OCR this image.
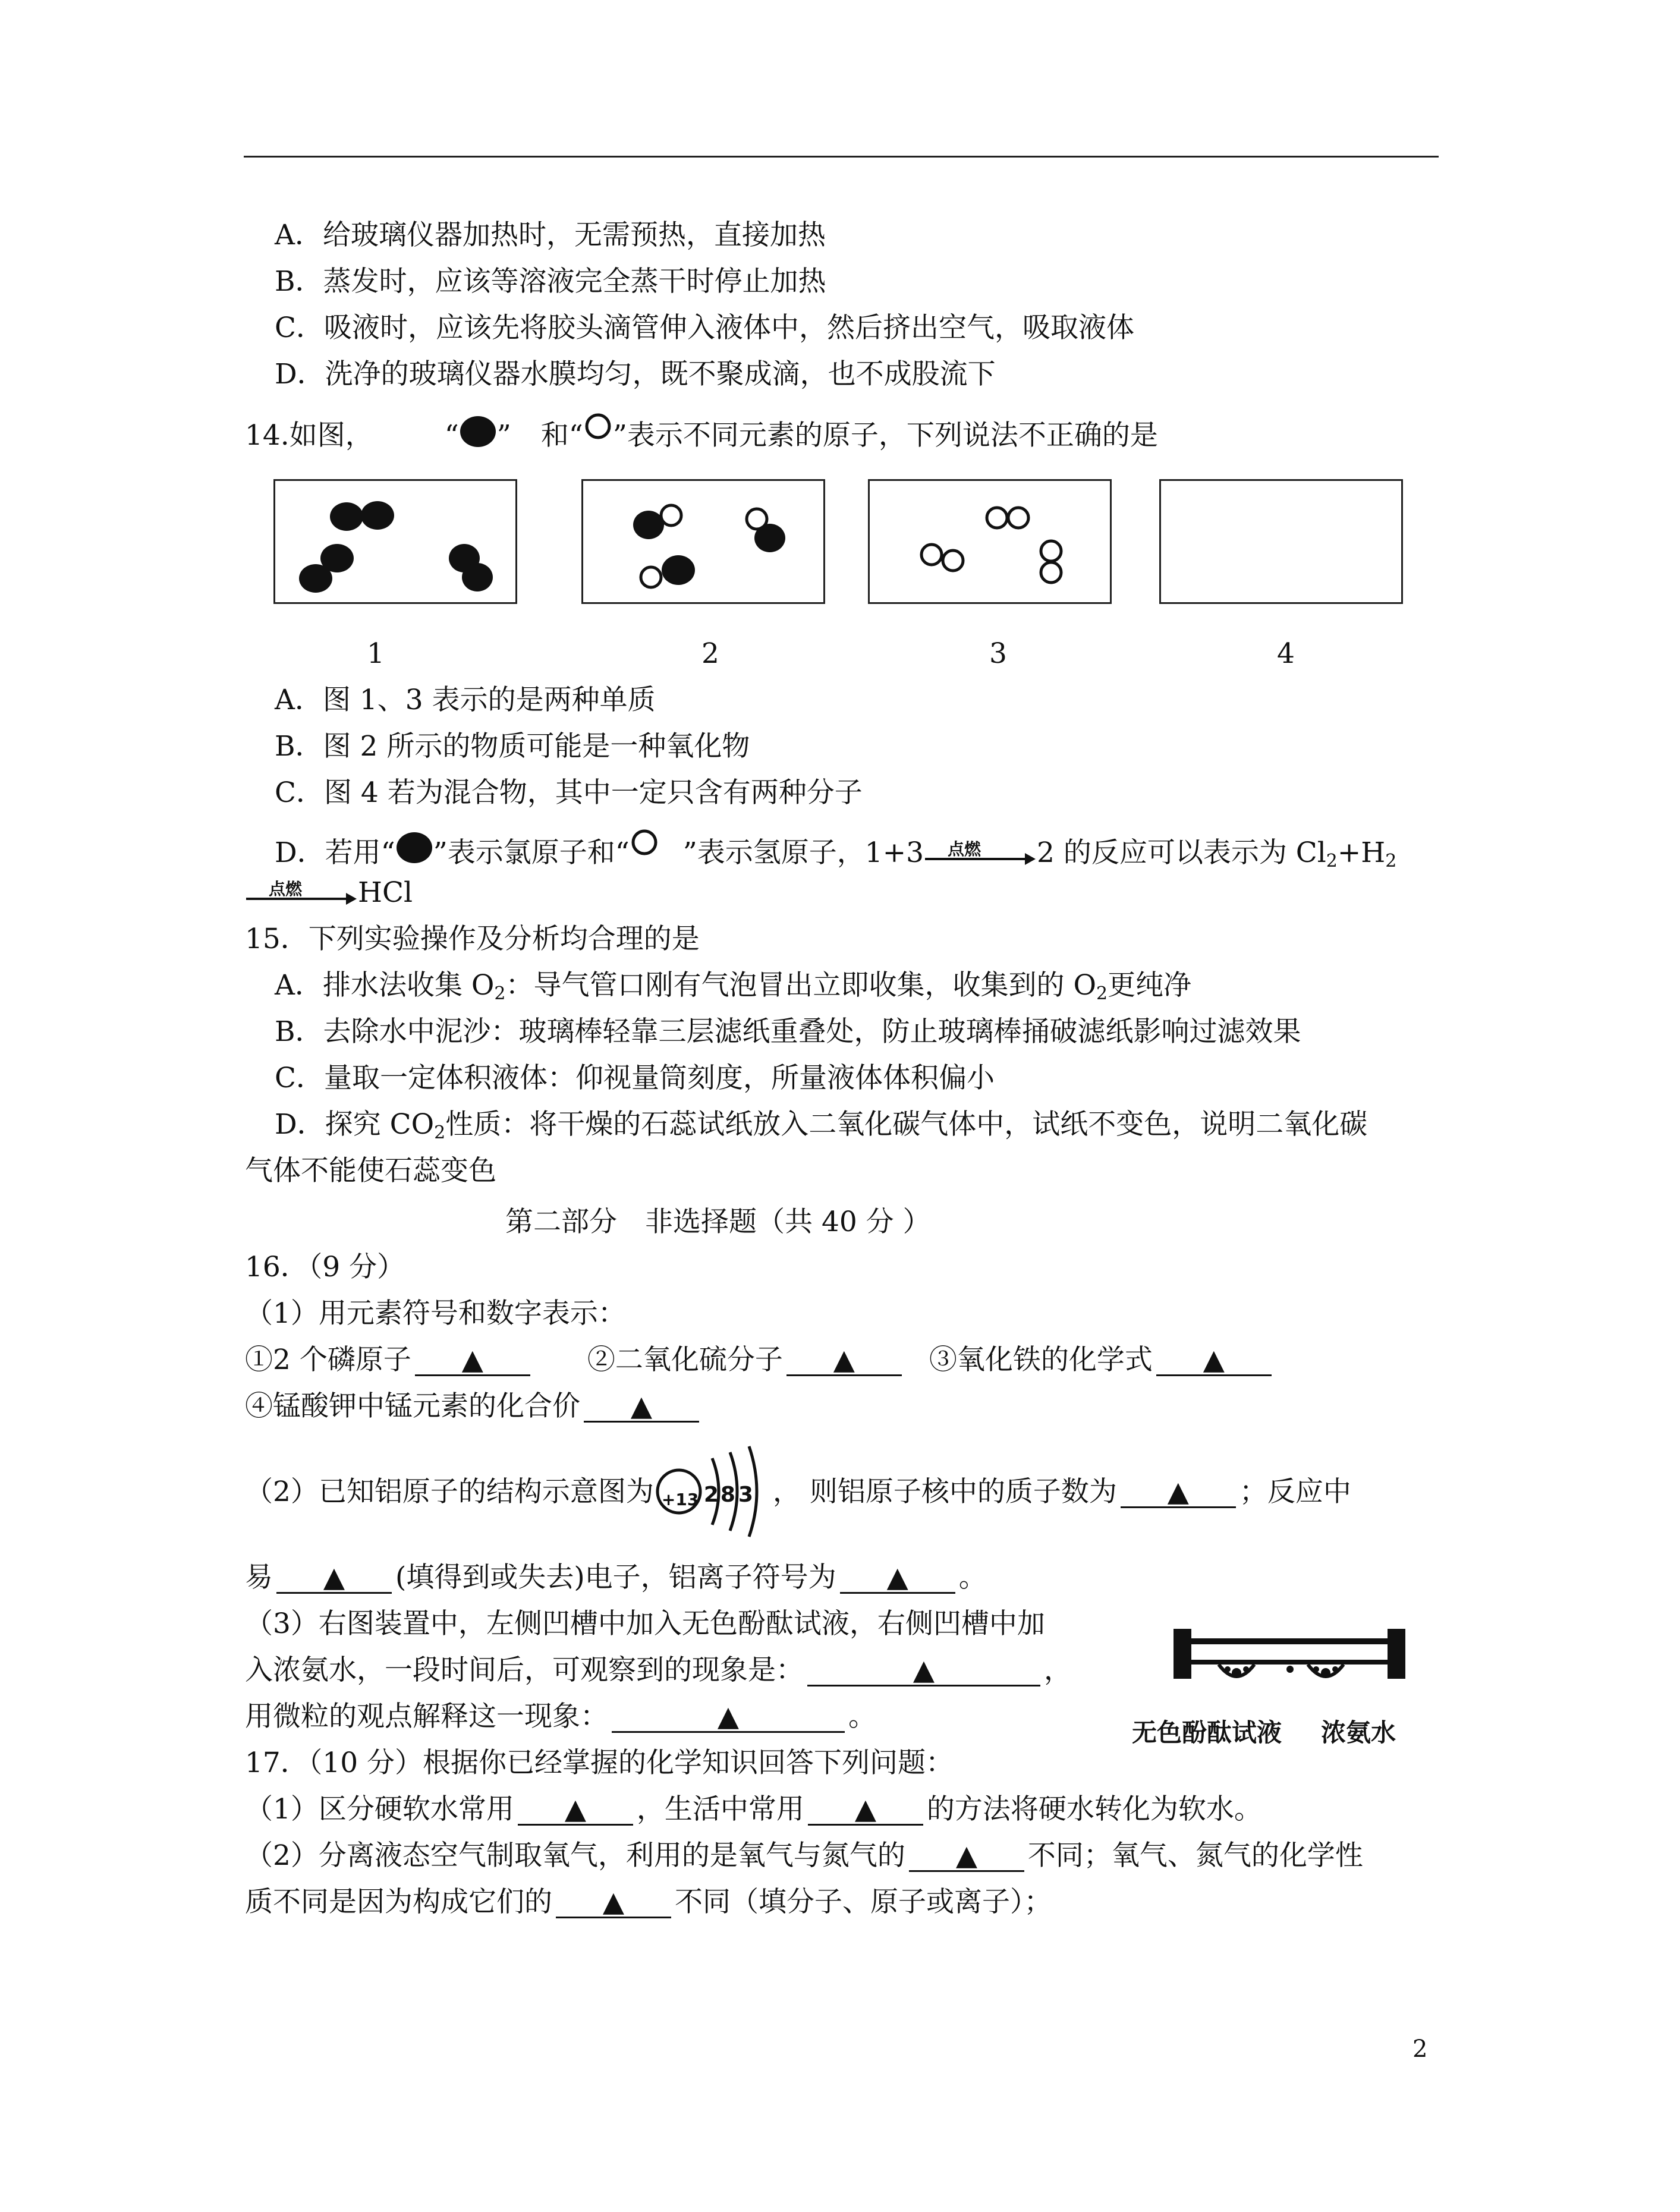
A．给玻璃仪器加热时，无需预热，直接加热
B．蒸发时，应该等溶液完全蒸干时停止加热
C．吸液时，应该先将胶头滴管伸入液体中，然后挤出空气，吸取液体
D．洗净的玻璃仪器水膜均匀，既不聚成滴，也不成股流下
14.如图，	“ ” 和“ ”表示不同元素的原子，下列说法不正确的是
1	2	3	4
A．图 1、3 表示的是两种单质
B．图 2 所示的物质可能是一种氧化物
C．图 4 若为混合物，其中一定只含有两种分子
D．若用“ ”表示氯原子和“ ”表示氢原子，1+3 点燃 2 的反应可以表示为 $Cl_2+H_2$
点燃 HCl
15．下列实验操作及分析均合理的是
A．排水法收集 $O_2$：导气管口刚有气泡冒出立即收集，收集到的 $O_2$更纯净
B．去除水中泥沙：玻璃棒轻靠三层滤纸重叠处，防止玻璃棒捅破滤纸影响过滤效果
C．量取一定体积液体：仰视量筒刻度，所量液体体积偏小
D．探究 $CO_2$性质：将干燥的石蕊试纸放入二氧化碳气体中，试纸不变色，说明二氧化碳
气体不能使石蕊变色
第二部分　非选择题（共 40 分 ）
16．（9 分）
（1）用元素符号和数字表示：
①2 个磷原子 ▲	②二氧化硫分子 ▲	③氧化铁的化学式 ▲
④锰酸钾中锰元素的化合价 ▲
（2）已知铝原子的结构示意图为 +13 2 8 3 ， 则铝原子核中的质子数为 ▲ ；反应中
易 ▲ (填得到或失去)电子，铝离子符号为 ▲ 。
（3）右图装置中，左侧凹槽中加入无色酚酞试液，右侧凹槽中加
入浓氨水，一段时间后，可观察到的现象是：	▲	，
用微粒的观点解释这一现象：	▲	。	无色酚酞试液 浓氨水
17．（10 分）根据你已经掌握的化学知识回答下列问题：
（1）区分硬软水常用 ▲ ，生活中常用 ▲ 的方法将硬水转化为软水。
（2）分离液态空气制取氧气，利用的是氧气与氮气的 ▲ 不同；氧气、氮气的化学性
质不同是因为构成它们的 ▲ 不同（填分子、原子或离子）；
2
